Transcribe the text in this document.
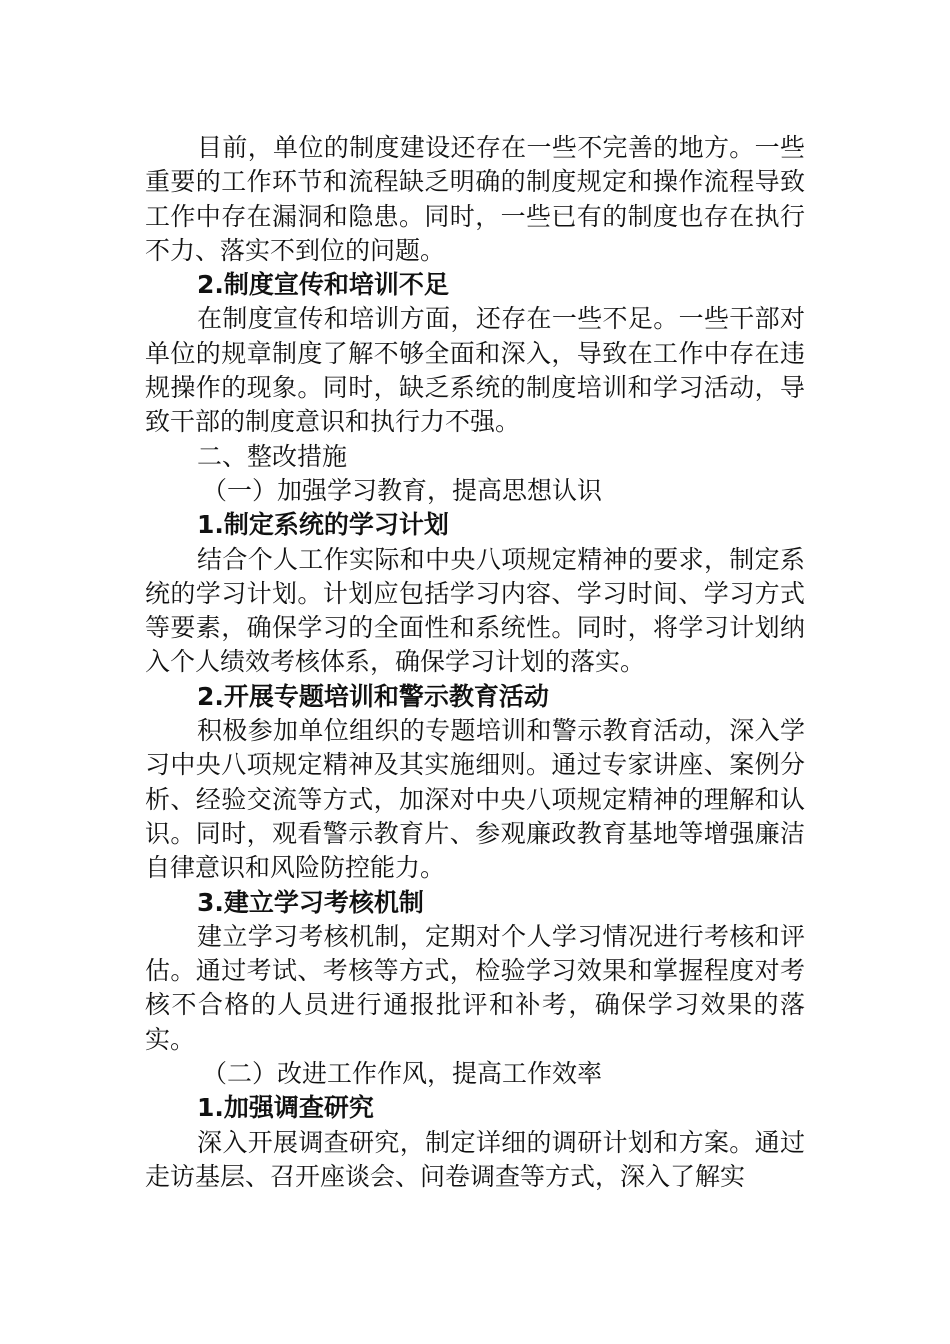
目前，单位的制度建设还存在一些不完善的地方。一些重要的工作环节和流程缺乏明确的制度规定和操作流程导致工作中存在漏洞和隐患。同时，一些已有的制度也存在执行不力、落实不到位的问题。

2.制度宣传和培训不足

在制度宣传和培训方面，还存在一些不足。一些干部对单位的规章制度了解不够全面和深入，导致在工作中存在违规操作的现象。同时，缺乏系统的制度培训和学习活动，导致干部的制度意识和执行力不强。

二、整改措施

（一）加强学习教育，提高思想认识

1.制定系统的学习计划

结合个人工作实际和中央八项规定精神的要求，制定系统的学习计划。计划应包括学习内容、学习时间、学习方式等要素，确保学习的全面性和系统性。同时，将学习计划纳入个人绩效考核体系，确保学习计划的落实。

2.开展专题培训和警示教育活动

积极参加单位组织的专题培训和警示教育活动，深入学习中央八项规定精神及其实施细则。通过专家讲座、案例分析、经验交流等方式，加深对中央八项规定精神的理解和认识。同时，观看警示教育片、参观廉政教育基地等增强廉洁自律意识和风险防控能力。

3.建立学习考核机制

建立学习考核机制，定期对个人学习情况进行考核和评估。通过考试、考核等方式，检验学习效果和掌握程度对考核不合格的人员进行通报批评和补考，确保学习效果的落实。

（二）改进工作作风，提高工作效率

1.加强调查研究

深入开展调查研究，制定详细的调研计划和方案。通过走访基层、召开座谈会、问卷调查等方式，深入了解实
